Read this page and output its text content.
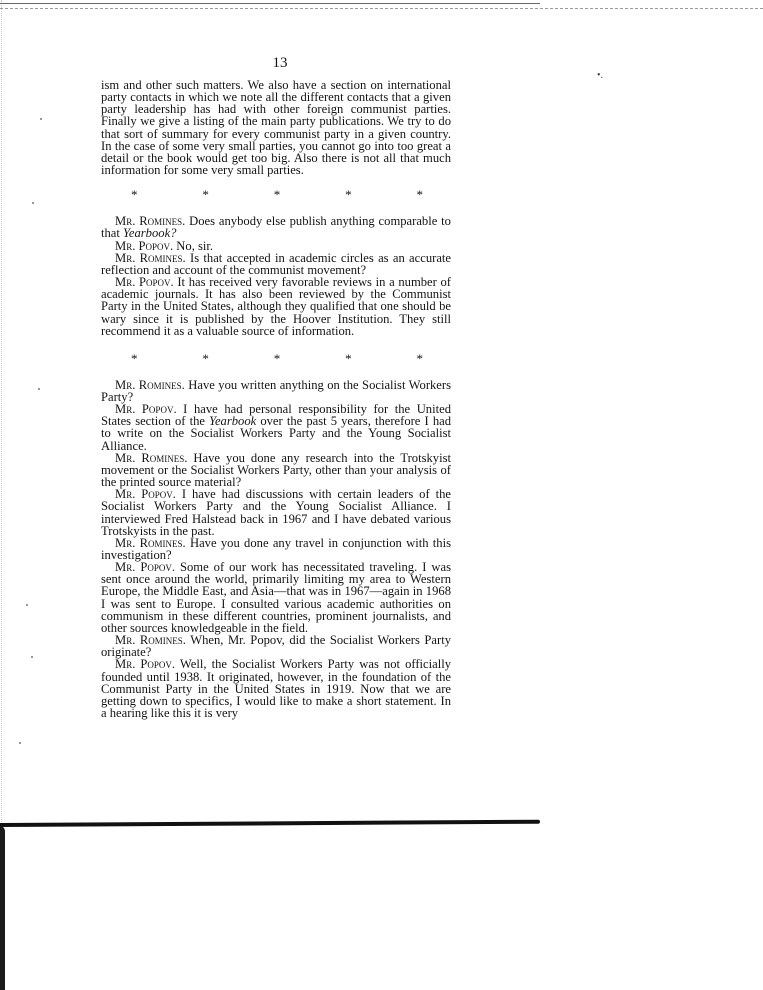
13
•.

ism and other such matters. We also have a section on international party contacts in which we note all the different contacts that a given party leadership has had with other foreign communist parties. Finally we give a listing of the main party publications. We try to do that sort of summary for every communist party in a given country. In the case of some very small parties, you cannot go into too great a detail or the book would get too big. Also there is not all that much information for some very small parties.

*	*	*	*	*

Mr. Romines. Does anybody else publish anything comparable to that Yearbook?

Mr. Popov. No, sir.

Mr. Romines. Is that accepted in academic circles as an accurate reflection and account of the communist movement?

Mr. Popov. It has received very favorable reviews in a number of academic journals. It has also been reviewed by the Communist Party in the United States, although they qualified that one should be wary since it is published by the Hoover Institution. They still recommend it as a valuable source of information.

*	*	*	*	*

Mr. Romines. Have you written anything on the Socialist Workers Party?

Mr. Popov. I have had personal responsibility for the United States section of the Yearbook over the past 5 years, therefore I had to write on the Socialist Workers Party and the Young Socialist Alliance.

Mr. Romines. Have you done any research into the Trotskyist movement or the Socialist Workers Party, other than your analysis of the printed source material?

Mr. Popov. I have had discussions with certain leaders of the Socialist Workers Party and the Young Socialist Alliance. I interviewed Fred Halstead back in 1967 and I have debated various Trotskyists in the past.

Mr. Romines. Have you done any travel in conjunction with this investigation?

Mr. Popov. Some of our work has necessitated traveling. I was sent once around the world, primarily limiting my area to Western Europe, the Middle East, and Asia—that was in 1967—again in 1968 I was sent to Europe. I consulted various academic authorities on communism in these different countries, prominent journalists, and other sources knowledgeable in the field.

Mr. Romines. When, Mr. Popov, did the Socialist Workers Party originate?

Mr. Popov. Well, the Socialist Workers Party was not officially founded until 1938. It originated, however, in the foundation of the Communist Party in the United States in 1919. Now that we are getting down to specifics, I would like to make a short statement. In a hearing like this it is very
